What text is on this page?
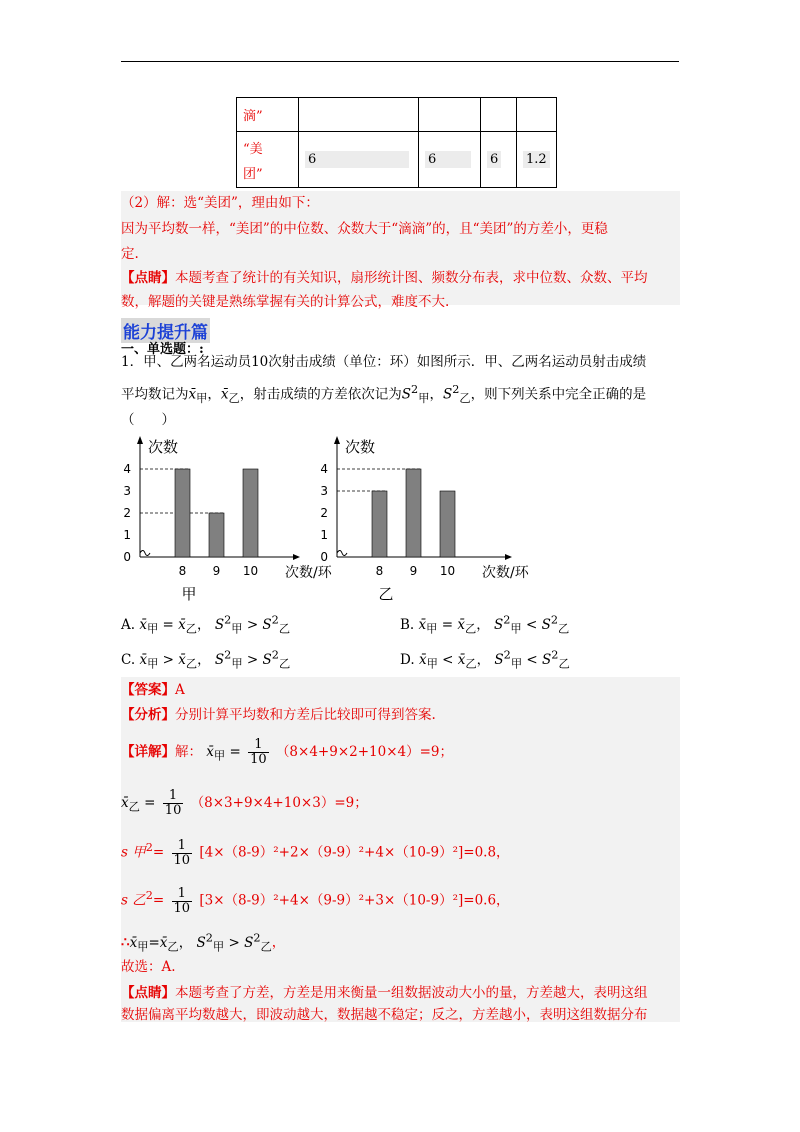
滴”				

“美
团”	6	6	6	1.2
（2）解：选“美团”，理由如下：
因为平均数一样，“美团”的中位数、众数大于“滴滴”的，且“美团”的方差小，更稳
定.
【点睛】本题考查了统计的有关知识，扇形统计图、频数分布表，求中位数、众数、平均
数，解题的关键是熟练掌握有关的计算公式，难度不大.
能力提升篇
一、单选题：:
1．甲、乙两名运动员10次射击成绩（单位：环）如图所示．甲、乙两名运动员射击成绩
平均数记为$x̄_甲$，$x̄_乙$，射击成绩的方差依次记为$S^2_甲$，$S^2_乙$，则下列关系中完全正确的是
（　　）
次数
0
1
2
3
4
8 9 10 次数/环
甲
次数
0
1
2
3
4
8 9 10 次数/环
乙
A. $x̄_甲$ = $x̄_乙$， $S^2_甲 > S^2_乙$	B. $x̄_甲$ = $x̄_乙$， $S^2_甲 < S^2_乙$
C. $x̄_甲$ > $x̄_乙$， $S^2_甲 > S^2_乙$	D. $x̄_甲$ < $x̄_乙$， $S^2_甲 < S^2_乙$
【答案】A
【分析】分别计算平均数和方差后比较即可得到答案.
【详解】解： $x̄_甲 = \frac{1}{10} (8\times 4+9\times 2+10\times 4)=9$；
$x̄_乙 = \frac{1}{10} (8\times 3+9\times 4+10\times 3)=9$；
s 甲$^2= \frac{1}{10} [4\times(8-9)^2+2\times(9-9)^2+4\times(10-9)^2]=0.8$，
s 乙$^2= \frac{1}{10} [3\times(8-9)^2+4\times(9-9)^2+3\times(10-9)^2]=0.6$，
$\therefore x̄_甲=x̄_乙$， $S^2_甲 > S^2_乙$，
故选：A.
【点睛】本题考查了方差，方差是用来衡量一组数据波动大小的量，方差越大，表明这组
数据偏离平均数越大，即波动越大，数据越不稳定；反之，方差越小，表明这组数据分布
